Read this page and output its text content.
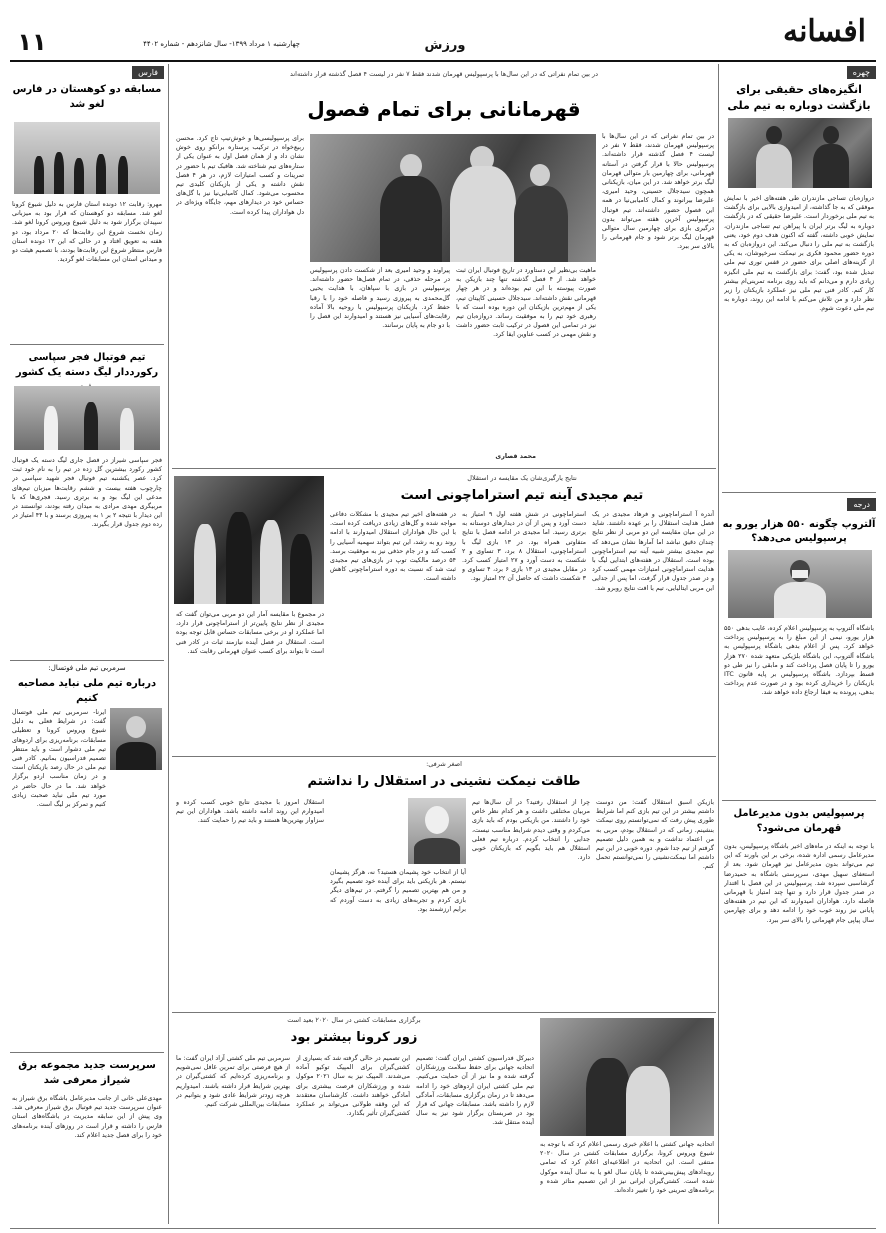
افسانه
ورزش
چهارشنبه ۱ مرداد ۱۳۹۹- سال شانزدهم - شماره ۴۴۰۲
۱۱
چهره
انگیزه‌های حقیقی برای بازگشت دوباره به تیم ملی
دروازه‌بان تساجی مازندران طی هفته‌های اخیر با نمایش موفقی که به جا گذاشته، از امیدواری بالایی برای بازگشت به تیم ملی برخوردار است. علیرضا حقیقی که در بازگشت دوباره به لیگ برتر ایران با پیراهن تیم تساجی مازندران، نمایش خوبی داشته، گفته که اکنون هدف دوم خود، یعنی بازگشت به تیم ملی را دنبال می‌کند. این دروازه‌بان که به دوره حضور محمود فکری بر نیمکت سرخپوشان، به یکی از گزینه‌های اصلی برای حضور در قفس توری تیم ملی تبدیل شده بود، گفت: برای بازگشت به تیم ملی انگیزه زیادی دارم و می‌دانم که باید روی برنامه تمرینی‌ام بیشتر کار کنم. کادر فنی تیم ملی نیز عملکرد بازیکنان را زیر نظر دارد و من تلاش می‌کنم با ادامه این روند، دوباره به تیم ملی دعوت شوم.
درجه
آلتروپ چگونه ۵۵۰ هزار یورو به پرسپولیس می‌دهد؟
باشگاه آلتروپ به پرسپولیس اعلام کرده، غایب بدهی ۵۵۰ هزار یورو، نیمی از این مبلغ را به پرسپولیس پرداخت خواهد کرد. پس از اعلام بدهی باشگاه پرسپولیس به باشگاه آلتروپ، این باشگاه بلژیکی متعهد شده ۲۷۰ هزار یورو را تا پایان فصل پرداخت کند و مابقی را نیز طی دو قسط بپردازد. باشگاه پرسپولیس بر پایه قانون ITC بازیکنان را خریداری کرده بود و در صورت عدم پرداخت بدهی، پرونده به فیفا ارجاع داده خواهد شد.
پرسپولیس بدون مدیرعامل قهرمان می‌شود؟
با توجه به اینکه در ماه‌های اخیر باشگاه پرسپولیس، بدون مدیرعامل رسمی اداره شده، برخی بر این باورند که این تیم می‌تواند بدون مدیرعامل نیز قهرمان شود. بعد از استعفای سهیل مهدی، سرپرستی باشگاه به حمیدرضا گرشاسبی سپرده شد. پرسپولیس در این فصل با اقتدار در صدر جدول قرار دارد و تنها چند امتیاز با قهرمانی فاصله دارد. هواداران امیدوارند که این تیم در هفته‌های پایانی نیز روند خوب خود را ادامه دهد و برای چهارمین سال پیاپی جام قهرمانی را بالای سر ببرد.
فارس
مسابقه دو کوهستان در فارس لغو شد
مهرو: رقابت ۱۲ دونده استان فارس به دلیل شیوع کرونا لغو شد. مسابقه دو کوهستان که قرار بود به میزبانی سپیدان برگزار شود به دلیل شیوع ویروس کرونا لغو شد. زمان نخست شروع این رقابت‌ها که ۲۰ مرداد بود، دو هفته به تعویق افتاد و در حالی که این ۱۲ دونده استان فارس منتظر شروع این رقابت‌ها بودند، با تصمیم هیئت دو و میدانی استان این مسابقات لغو گردید.
تیم فوتبال فجر سپاسی رکورددار لیگ دسته یک کشور
فجر سپاسی شیراز در فصل جاری لیگ دسته یک فوتبال کشور رکورد بیشترین گل زده در تیم را به نام خود ثبت کرد. عصر یکشنبه تیم فوتبال فجر شهید سپاسی در چارچوب هفته بیست و ششم رقابت‌ها میزبان تیم‌های مدعی این لیگ بود و به برتری رسید. فجری‌ها که با مربیگری مهدی مرادی به میدان رفته بودند، توانستند در این دیدار با نتیجه ۲ بر ۱ به پیروزی برسند و با ۴۴ امتیاز در رده دوم جدول قرار بگیرند.
سرمربی تیم ملی فوتسال:
درباره تیم ملی نباید مصاحبه کنیم
ایرنا- سرمربی تیم ملی فوتسال گفت: در شرایط فعلی به دلیل شیوع ویروس کرونا و تعطیلی مسابقات، برنامه‌ریزی برای اردوهای تیم ملی دشوار است و باید منتظر تصمیم فدراسیون بمانیم. کادر فنی تیم ملی در حال رصد بازیکنان است و در زمان مناسب اردو برگزار خواهد شد. ما در حال حاضر در مورد تیم ملی نباید صحبت زیادی کنیم و تمرکز بر لیگ است.
سرپرست جدید مجموعه برق شیراز معرفی شد
مهدی‌علی خانی از جانب مدیرعامل باشگاه برق شیراز به عنوان سرپرست جدید تیم فوتبال برق شیراز معرفی شد. وی پیش از این سابقه مدیریت در باشگاه‌های استان فارس را داشته و قرار است در روزهای آینده برنامه‌های خود را برای فصل جدید اعلام کند.
در بین تمام نفراتی که در این سال‌ها با پرسپولیس قهرمان شدند فقط ۷ نفر در لیست ۴ فصل گذشته قرار داشته‌اند
قهرمانانی برای تمام فصول
در بین تمام نفراتی که در این سال‌ها با پرسپولیس قهرمان شدند، فقط ۷ نفر در لیست ۴ فصل گذشته قرار داشته‌اند. پرسپولیس حالا با قرار گرفتن در آستانه قهرمانی، برای چهارمین بار متوالی قهرمان لیگ برتر خواهد شد. در این میان، بازیکنانی همچون سیدجلال حسینی، وحید امیری، علیرضا بیرانوند و کمال کامیابی‌نیا در همه این فصول حضور داشته‌اند. تیم فوتبال پرسپولیس آخرین هفته می‌تواند بدون درگیری بازی برای چهارمین سال متوالی قهرمان لیگ برتر شود و جام قهرمانی را بالای سر ببرد.
ماهیت بی‌نظیر این دستاورد در تاریخ فوتبال ایران ثبت خواهد شد. از ۴ فصل گذشته تنها چند بازیکن به صورت پیوسته با این تیم بوده‌اند و در هر چهار قهرمانی نقش داشته‌اند. سیدجلال حسینی کاپیتان تیم، یکی از مهم‌ترین بازیکنان این دوره بوده است که با رهبری خود تیم را به موفقیت رساند. دروازه‌بان تیم نیز در تمامی این فصول در ترکیب ثابت حضور داشت و نقش مهمی در کسب عناوین ایفا کرد.
پیراوند و وحید امیری بعد از شکست دادن پرسپولیس در مرحله حذفی، در تمام فصل‌ها حضور داشته‌اند. پرسپولیس در بازی با سپاهان، با هدایت یحیی گل‌محمدی به پیروزی رسید و فاصله خود را با رقبا حفظ کرد. بازیکنان پرسپولیس با روحیه بالا آماده رقابت‌های آسیایی نیز هستند و امیدوارند این فصل را با دو جام به پایان برسانند.
برای پرسپولیسی‌ها و خوش‌تیپ تاج کرد. محسن ربیع‌خواه در ترکیب پرستاره برانکو روی خوش نشان داد و از همان فصل اول به عنوان یکی از ستاره‌های تیم شناخته شد. هافبک تیم با حضور در تمرینات و کسب امتیازات لازم، در هر ۴ فصل نقش داشته و یکی از بازیکنان کلیدی تیم محسوب می‌شود. کمال کامیابی‌نیا نیز با گل‌های حساس خود در دیدارهای مهم، جایگاه ویژه‌ای در دل هواداران پیدا کرده است.
محمد قصاری
نتایج یارگیری‌شان یک مقایسه در استقلال
تیم مجیدی آینه تیم استراماچونی است
آندره آ استراماچونی و فرهاد مجیدی در یک فصل هدایت استقلال را بر عهده داشتند. شاید در این میان مقایسه این دو مربی از نظر نتایج چندان دقیق نباشد اما آمارها نشان می‌دهد که تیم مجیدی بیشتر شبیه آینه تیم استراماچونی بوده است. استقلال در هفته‌های ابتدایی لیگ با هدایت استراماچونی امتیازات مهمی کسب کرد و در صدر جدول قرار گرفت، اما پس از جدایی این مربی ایتالیایی، تیم با افت نتایج روبرو شد.
استراماچونی در شش هفته اول ۹ امتیاز به دست آورد و پس از آن در دیدارهای دوستانه به برتری رسید. اما مجیدی در ادامه فصل با نتایج متفاوتی همراه بود. در ۱۳ بازی لیگ با استراماچونی، استقلال ۸ برد، ۳ تساوی و ۲ شکست به دست آورد و ۲۷ امتیاز کسب کرد. در مقابل مجیدی در ۱۳ بازی ۶ برد، ۴ تساوی و ۳ شکست داشت که حاصل آن ۲۲ امتیاز بود.
در هفته‌های اخیر تیم مجیدی با مشکلات دفاعی مواجه شده و گل‌های زیادی دریافت کرده است. با این حال هواداران استقلال امیدوارند با ادامه روند رو به رشد، این تیم بتواند سهمیه آسیایی را کسب کند و در جام حذفی نیز به موفقیت برسد. ۵۴ درصد مالکیت توپ در بازی‌های تیم مجیدی ثبت شد که نسبت به دوره استراماچونی کاهش داشته است.
در مجموع با مقایسه آمار این دو مربی می‌توان گفت که مجیدی از نظر نتایج پایین‌تر از استراماچونی قرار دارد، اما عملکرد او در برخی مسابقات حساس قابل توجه بوده است. استقلال در فصل آینده نیازمند ثبات در کادر فنی است تا بتواند برای کسب عنوان قهرمانی رقابت کند.
اصغر شرفی:
طاقت نیمکت نشینی در استقلال را نداشتم
بازیکن اسبق استقلال گفت: من دوست داشتم بیشتر در این تیم بازی کنم اما شرایط طوری پیش رفت که نمی‌توانستم روی نیمکت بنشینم. زمانی که در استقلال بودم، مربی به من اعتماد نداشت و به همین دلیل تصمیم گرفتم از تیم جدا شوم. دوره خوبی در این تیم داشتم اما نیمکت‌نشینی را نمی‌توانستم تحمل کنم.
چرا از استقلال رفتید؟ در آن سال‌ها تیم مربیان مختلفی داشت و هر کدام نظر خاص خود را داشتند. من بازیکنی بودم که باید بازی می‌کردم و وقتی دیدم شرایط مناسب نیست، جدایی را انتخاب کردم. درباره تیم فعلی استقلال هم باید بگویم که بازیکنان خوبی دارد.
آیا از انتخاب خود پشیمان هستید؟ نه، هرگز پشیمان نیستم. هر بازیکنی باید برای آینده خود تصمیم بگیرد و من هم بهترین تصمیم را گرفتم. در تیم‌های دیگر بازی کردم و تجربه‌های زیادی به دست آوردم که برایم ارزشمند بود.
استقلال امروز با مجیدی نتایج خوبی کسب کرده و امیدوارم این روند ادامه داشته باشد. هواداران این تیم سزاوار بهترین‌ها هستند و باید تیم را حمایت کنند.
برگزاری مسابقات کشتی در سال ۲۰۲۰ بعید است
زور کرونا بیشتر بود
اتحادیه جهانی کشتی با اعلام خبری رسمی اعلام کرد که با توجه به شیوع ویروس کرونا، برگزاری مسابقات کشتی در سال ۲۰۲۰ منتفی است. این اتحادیه در اطلاعیه‌ای اعلام کرد که تمامی رویدادهای پیش‌بینی‌شده تا پایان سال لغو یا به سال آینده موکول شده است. کشتی‌گیران ایرانی نیز از این تصمیم متاثر شده و برنامه‌های تمرینی خود را تغییر داده‌اند.
دبیرکل فدراسیون کشتی ایران گفت: تصمیم اتحادیه جهانی برای حفظ سلامت ورزشکاران گرفته شده و ما نیز از آن حمایت می‌کنیم. تیم ملی کشتی ایران اردوهای خود را ادامه می‌دهد تا در زمان برگزاری مسابقات، آمادگی لازم را داشته باشد. مسابقات جهانی که قرار بود در صربستان برگزار شود نیز به سال آینده منتقل شد.
این تصمیم در حالی گرفته شد که بسیاری از کشتی‌گیران برای المپیک توکیو آماده می‌شدند. المپیک نیز به سال ۲۰۲۱ موکول شده و ورزشکاران فرصت بیشتری برای آمادگی خواهند داشت. کارشناسان معتقدند که این وقفه طولانی می‌تواند بر عملکرد کشتی‌گیران تأثیر بگذارد.
سرمربی تیم ملی کشتی آزاد ایران گفت: ما از هیچ فرصتی برای تمرین غافل نمی‌شویم و برنامه‌ریزی کرده‌ایم که کشتی‌گیران در بهترین شرایط قرار داشته باشند. امیدواریم هرچه زودتر شرایط عادی شود و بتوانیم در مسابقات بین‌المللی شرکت کنیم.
